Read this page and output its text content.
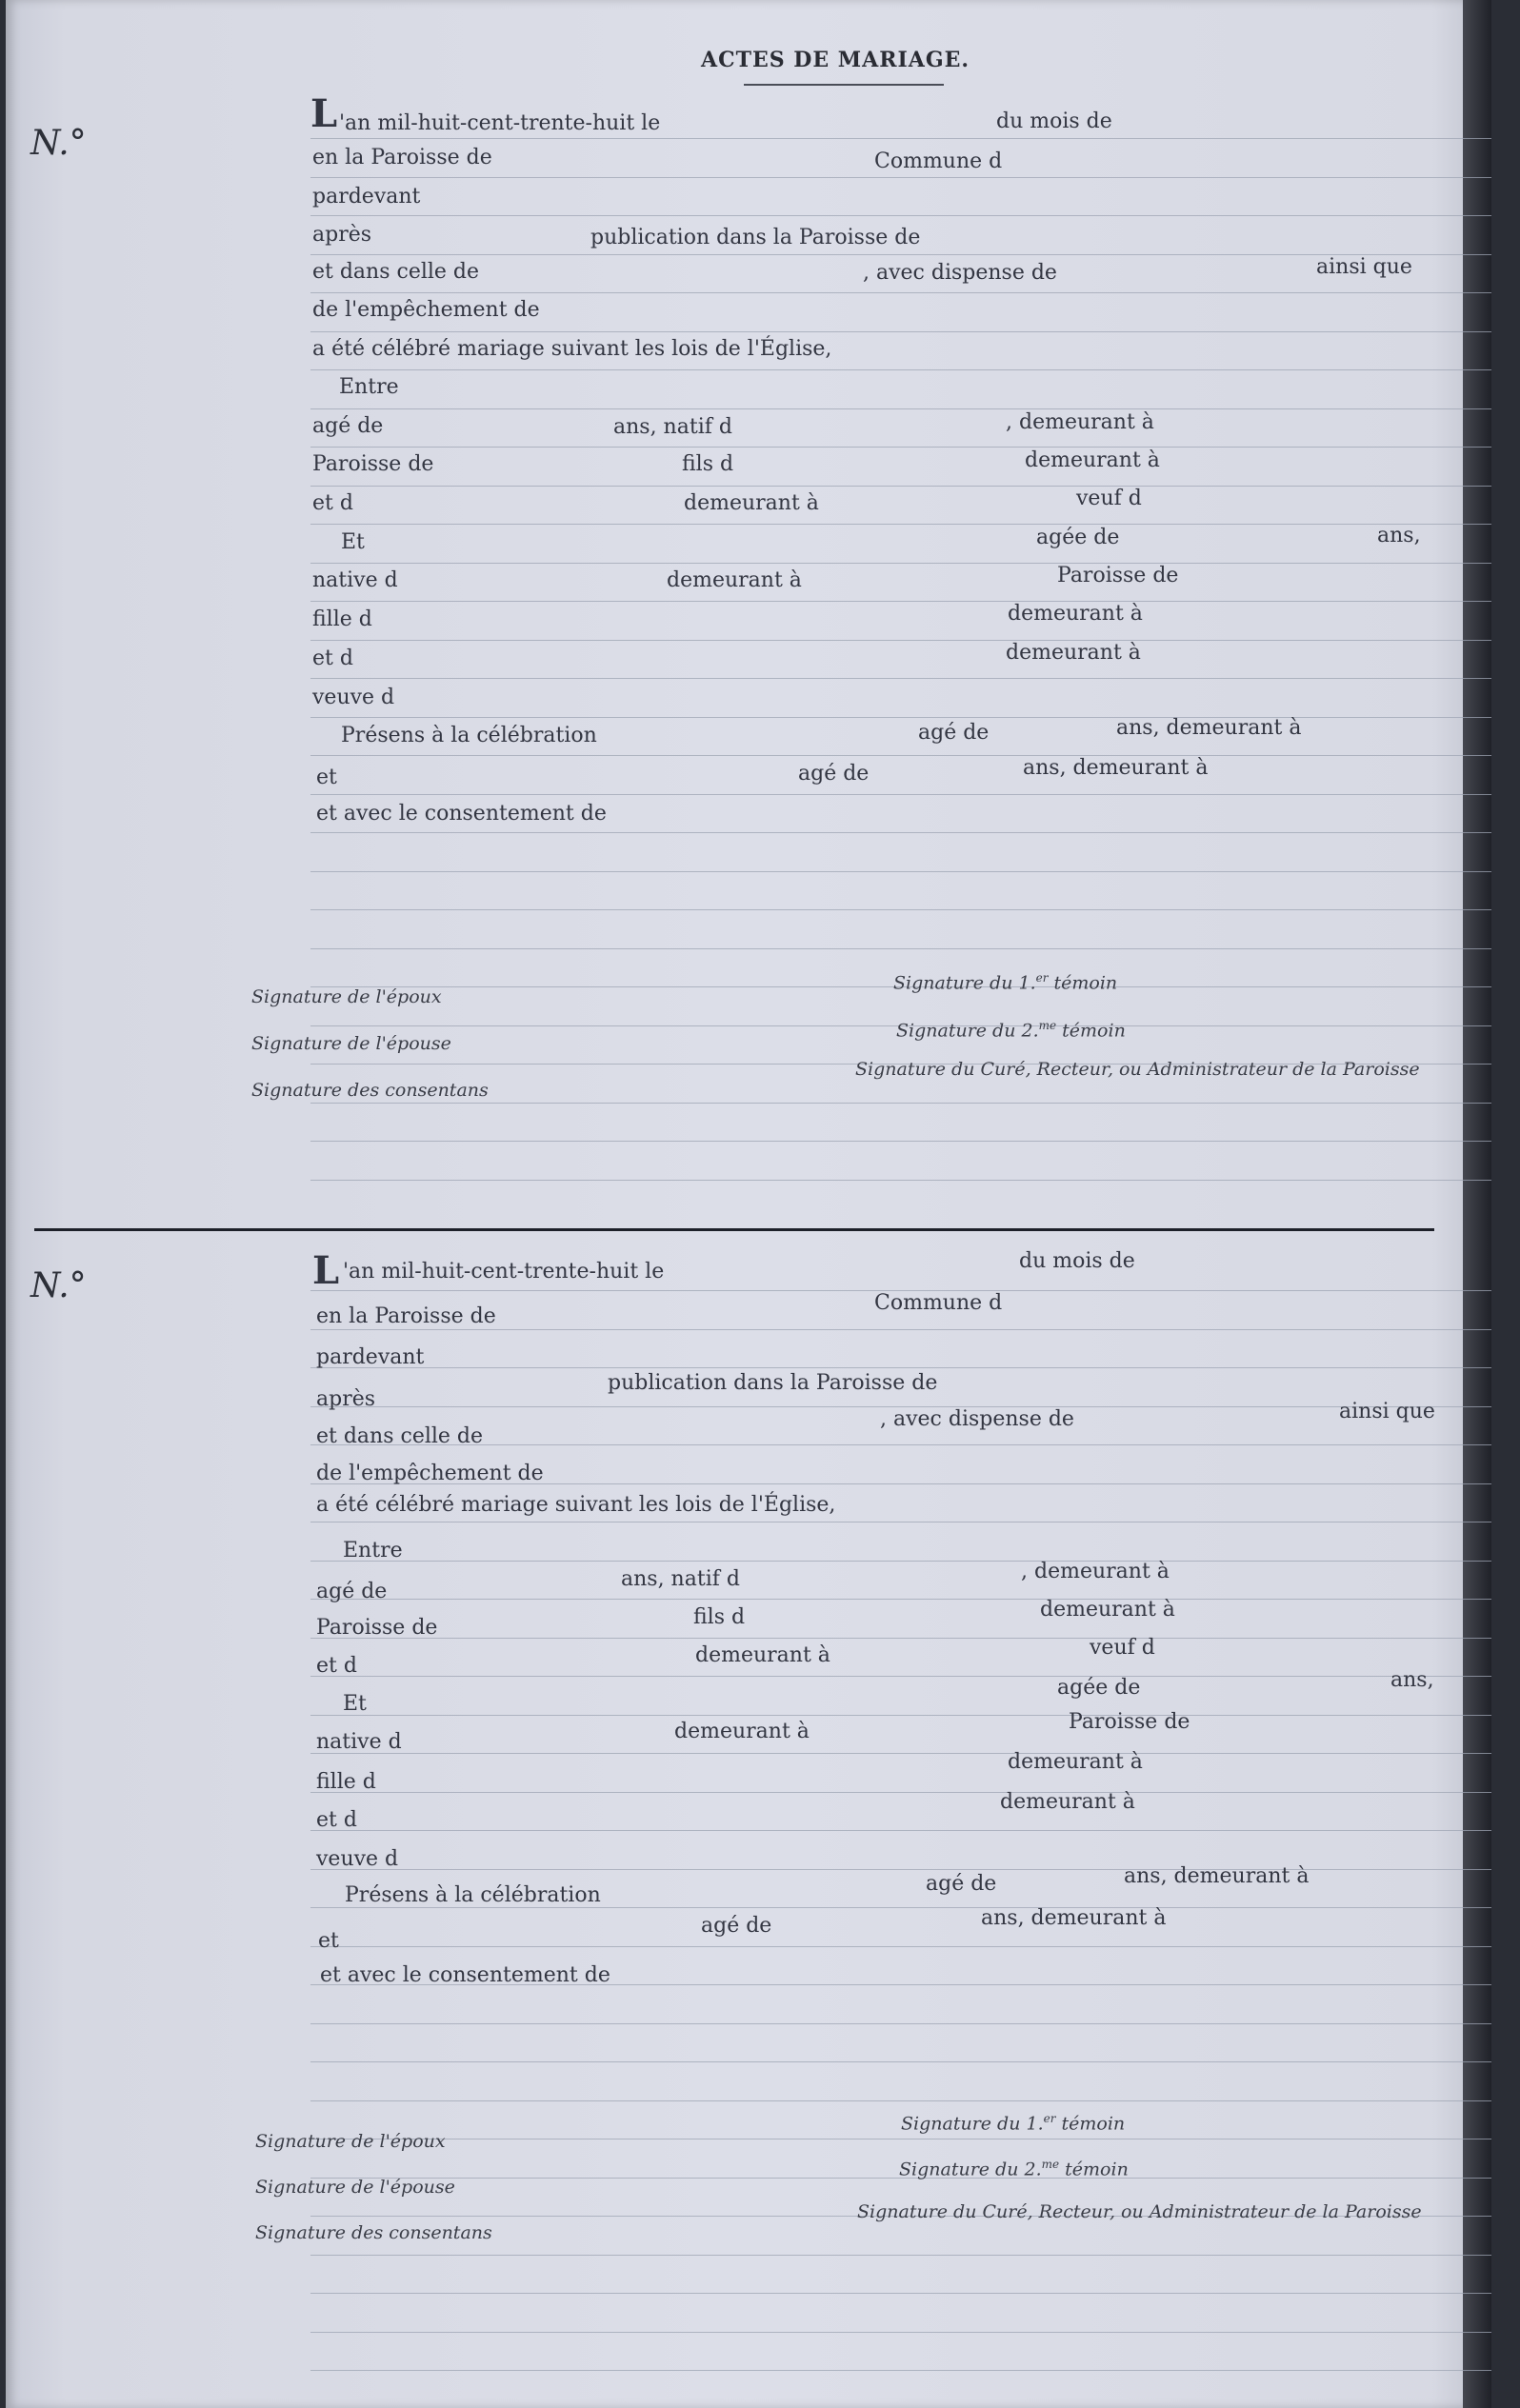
ACTES DE MARIAGE.
N.°
L 'an mil-huit-cent-trente-huit le	du mois de
en la Paroisse de	Commune d
pardevant
après	publication dans la Paroisse de
et dans celle de	, avec dispense de	ainsi que
de l'empêchement de
a été célébré mariage suivant les lois de l'Église,
Entre
agé de	ans, natif d	, demeurant à
Paroisse de	fils d	demeurant à
et d	demeurant à	veuf d
Et	agée de	ans,
native d	demeurant à	Paroisse de
fille d	demeurant à
et d	demeurant à
veuve d
Présens à la célébration	agé de	ans, demeurant à
et	agé de	ans, demeurant à
et avec le consentement de
Signature de l'époux
Signature de l'épouse
Signature des consentans
Signature du 1.$^{er}$ témoin
Signature du 2.$^{me}$ témoin
Signature du Curé, Recteur, ou Administrateur de la Paroisse
N.°	L 'an mil-huit-cent-trente-huit le	du mois de
en la Paroisse de
Commune d
pardevant
après
publication dans la Paroisse de
et dans celle de
, avec dispense de	ainsi que
de l'empêchement de
a été célébré mariage suivant les lois de l'Église,
Entre
agé de
ans, natif d	, demeurant à
Paroisse de	fils d	demeurant à
et d	demeurant à	veuf d
Et
agée de	ans,
native d	demeurant à	Paroisse de
fille d
demeurant à
et d
demeurant à
veuve d
Présens à la célébration	agé de	ans, demeurant à
et
agé de	ans, demeurant à
et avec le consentement de
Signature de l'époux
Signature de l'épouse
Signature des consentans
Signature du 1.$^{er}$ témoin
Signature du 2.$^{me}$ témoin
Signature du Curé, Recteur, ou Administrateur de la Paroisse
